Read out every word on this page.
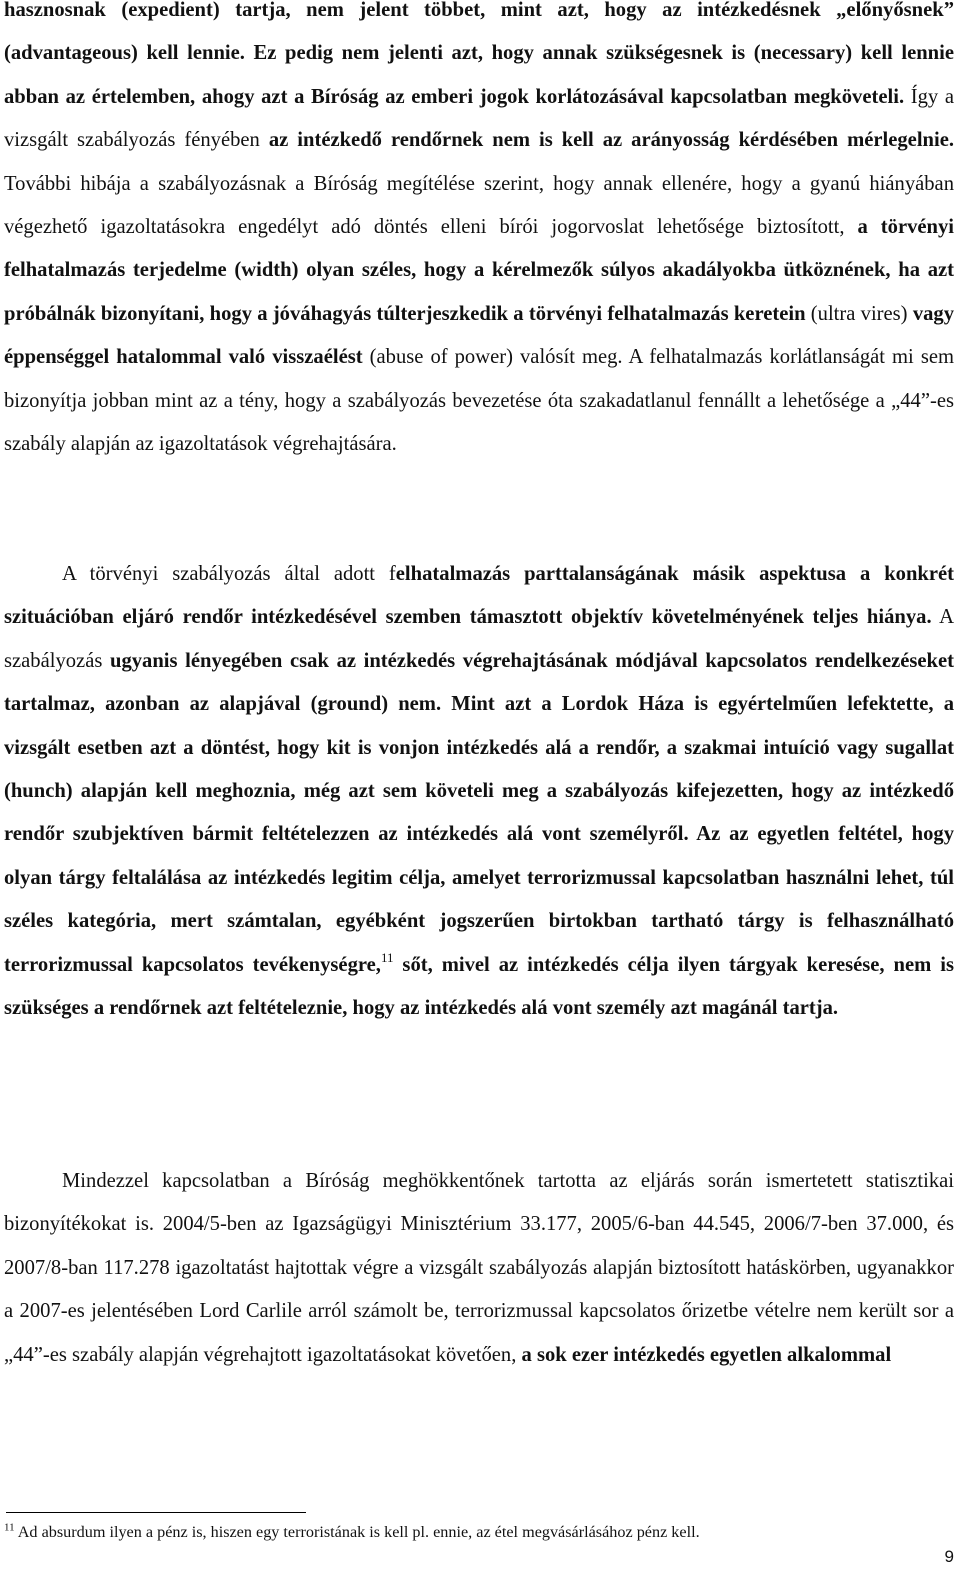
hasznosnak (expedient) tartja, nem jelent többet, mint azt, hogy az intézkedésnek „előnyősnek” (advantageous) kell lennie. Ez pedig nem jelenti azt, hogy annak szükségesnek is (necessary) kell lennie abban az értelemben, ahogy azt a Bíróság az emberi jogok korlátozásával kapcsolatban megköveteli. Így a vizsgált szabályozás fényében az intézkedő rendőrnek nem is kell az arányosság kérdésében mérlegelnie. További hibája a szabályozásnak a Bíróság megítélése szerint, hogy annak ellenére, hogy a gyanú hiányában végezhető igazoltatásokra engedélyt adó döntés elleni bírói jogorvoslat lehetősége biztosított, a törvényi felhatalmazás terjedelme (width) olyan széles, hogy a kérelmezők súlyos akadályokba ütköznének, ha azt próbálnák bizonyítani, hogy a jóváhagyás túlterjeszkedik a törvényi felhatalmazás keretein (ultra vires) vagy éppenséggel hatalommal való visszaélést (abuse of power) valósít meg. A felhatalmazás korlátlanságát mi sem bizonyítja jobban mint az a tény, hogy a szabályozás bevezetése óta szakadatlanul fennállt a lehetősége a „44”-es szabály alapján az igazoltatások végrehajtására.

A törvényi szabályozás által adott felhatalmazás parttalanságának másik aspektusa a konkrét szituációban eljáró rendőr intézkedésével szemben támasztott objektív követelményének teljes hiánya. A szabályozás ugyanis lényegében csak az intézkedés végrehajtásának módjával kapcsolatos rendelkezéseket tartalmaz, azonban az alapjával (ground) nem. Mint azt a Lordok Háza is egyértelműen lefektette, a vizsgált esetben azt a döntést, hogy kit is vonjon intézkedés alá a rendőr, a szakmai intuíció vagy sugallat (hunch) alapján kell meghoznia, még azt sem követeli meg a szabályozás kifejezetten, hogy az intézkedő rendőr szubjektíven bármit feltételezzen az intézkedés alá vont személyről. Az az egyetlen feltétel, hogy olyan tárgy feltalálása az intézkedés legitim célja, amelyet terrorizmussal kapcsolatban használni lehet, túl széles kategória, mert számtalan, egyébként jogszerűen birtokban tartható tárgy is felhasználható terrorizmussal kapcsolatos tevékenységre,$^{11}$ sőt, mivel az intézkedés célja ilyen tárgyak keresése, nem is szükséges a rendőrnek azt feltételeznie, hogy az intézkedés alá vont személy azt magánál tartja.

Mindezzel kapcsolatban a Bíróság meghökkentőnek tartotta az eljárás során ismertetett statisztikai bizonyítékokat is. 2004/5-ben az Igazságügyi Minisztérium 33.177, 2005/6-ban 44.545, 2006/7-ben 37.000, és 2007/8-ban 117.278 igazoltatást hajtottak végre a vizsgált szabályozás alapján biztosított hatáskörben, ugyanakkor a 2007-es jelentésében Lord Carlile arról számolt be, terrorizmussal kapcsolatos őrizetbe vételre nem került sor a „44”-es szabály alapján végrehajtott igazoltatásokat követően, a sok ezer intézkedés egyetlen alkalommal

$^{11}$ Ad absurdum ilyen a pénz is, hiszen egy terroristának is kell pl. ennie, az étel megvásárlásához pénz kell.

9
